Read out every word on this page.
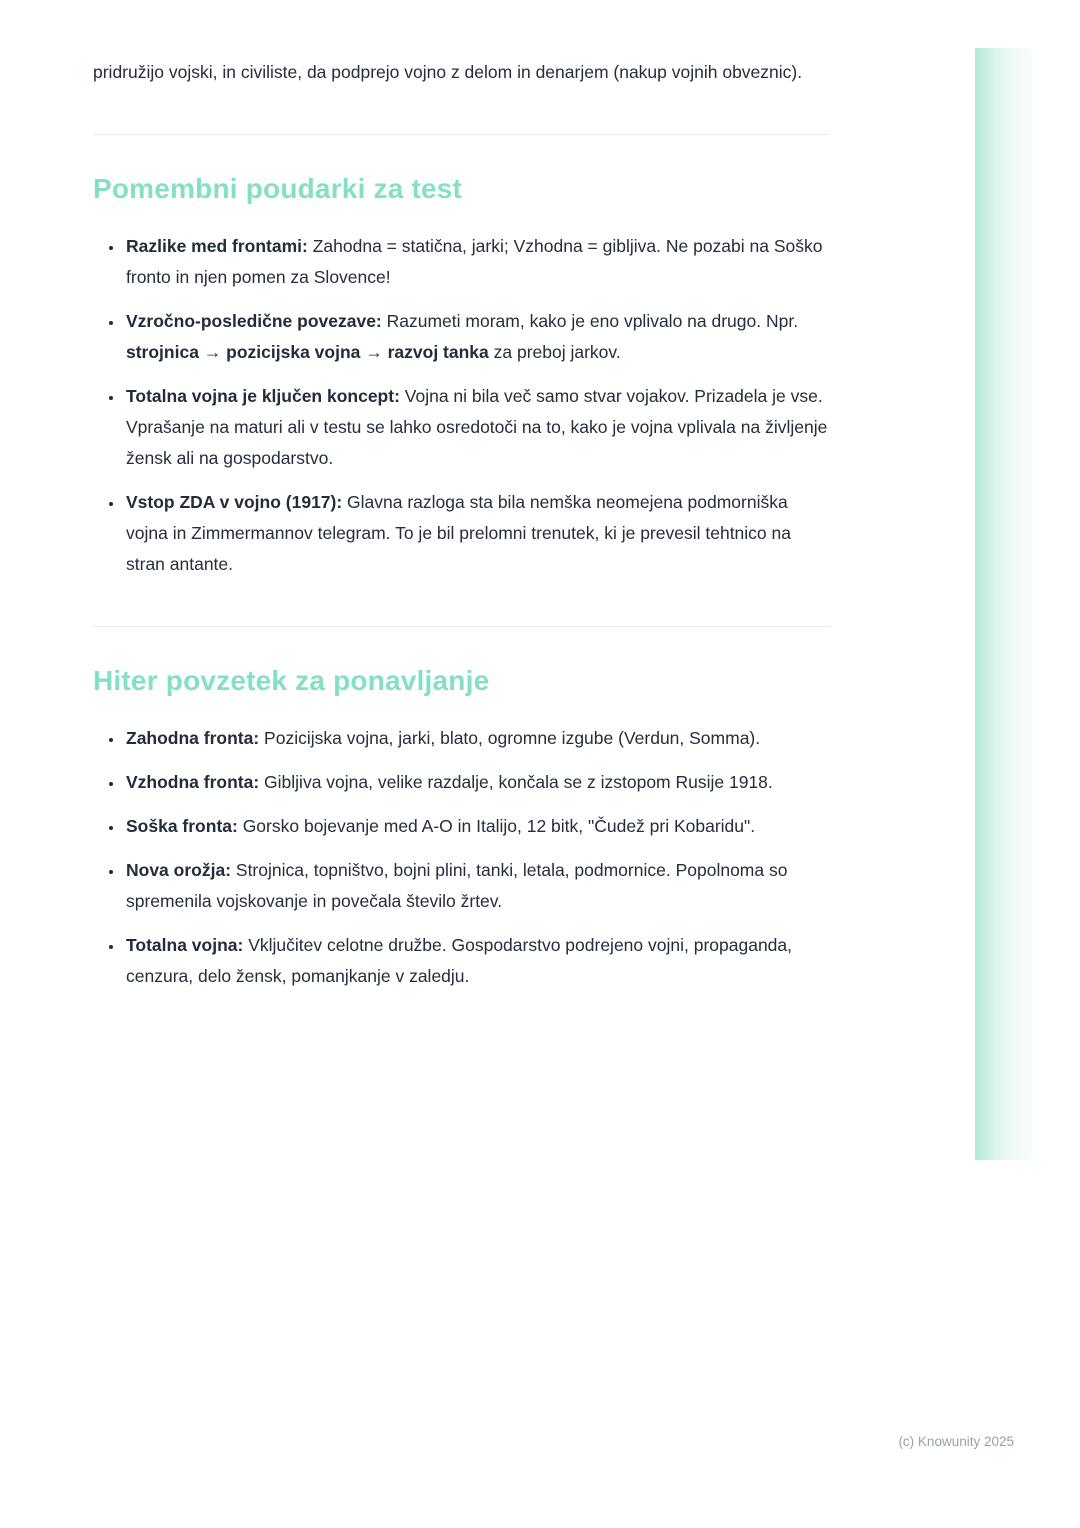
pridružijo vojski, in civiliste, da podprejo vojno z delom in denarjem (nakup vojnih obveznic).

Pomembni poudarki za test
• Razlike med frontami: Zahodna = statična, jarki; Vzhodna = gibljiva. Ne pozabi na Soško fronto in njen pomen za Slovence!
• Vzročno-posledične povezave: Razumeti moram, kako je eno vplivalo na drugo. Npr. strojnica → pozicijska vojna → razvoj tanka za preboj jarkov.
• Totalna vojna je ključen koncept: Vojna ni bila več samo stvar vojakov. Prizadela je vse. Vprašanje na maturi ali v testu se lahko osredotoči na to, kako je vojna vplivala na življenje žensk ali na gospodarstvo.
• Vstop ZDA v vojno (1917): Glavna razloga sta bila nemška neomejena podmorniška vojna in Zimmermannov telegram. To je bil prelomni trenutek, ki je prevesil tehtnico na stran antante.
Hiter povzetek za ponavljanje
• Zahodna fronta: Pozicijska vojna, jarki, blato, ogromne izgube (Verdun, Somma).
• Vzhodna fronta: Gibljiva vojna, velike razdalje, končala se z izstopom Rusije 1918.
• Soška fronta: Gorsko bojevanje med A-O in Italijo, 12 bitk, "Čudež pri Kobaridu".
• Nova orožja: Strojnica, topništvo, bojni plini, tanki, letala, podmornice. Popolnoma so spremenila vojskovanje in povečala število žrtev.
• Totalna vojna: Vključitev celotne družbe. Gospodarstvo podrejeno vojni, propaganda, cenzura, delo žensk, pomanjkanje v zaledju.
(c) Knowunity 2025
